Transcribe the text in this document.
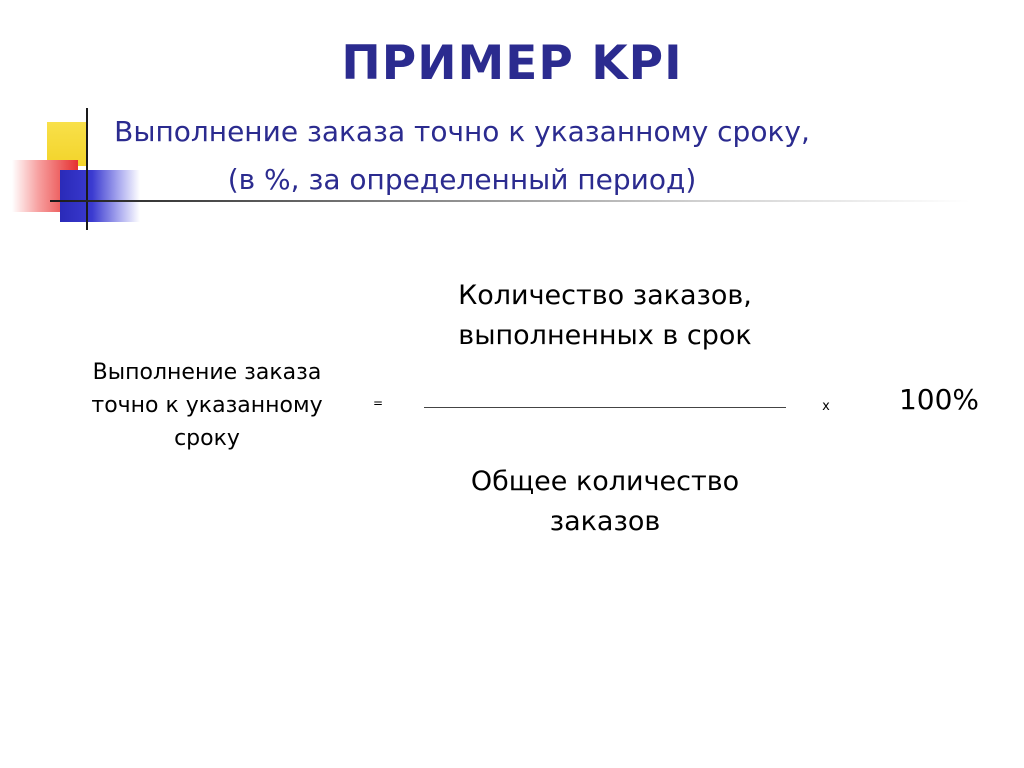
ПРИМЕР KPI
Выполнение заказа точно к указанному сроку,
(в %, за определенный период)
Выполнение заказа
точно к указанному
сроку
=
Количество заказов,
выполненных в срок
Общее количество
заказов
x	100%
